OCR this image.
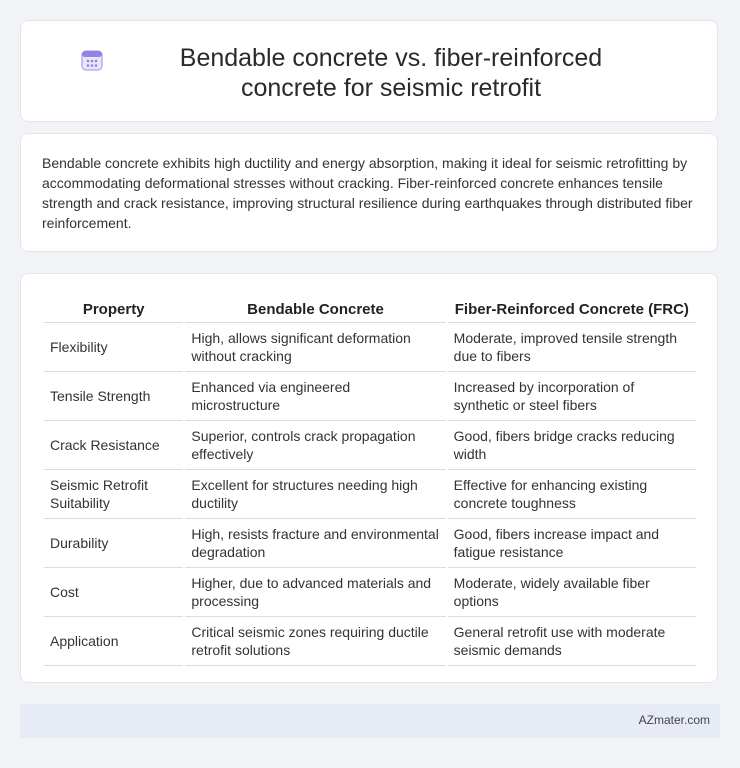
Bendable concrete vs. fiber-reinforced concrete for seismic retrofit
Bendable concrete exhibits high ductility and energy absorption, making it ideal for seismic retrofitting by accommodating deformational stresses without cracking. Fiber-reinforced concrete enhances tensile strength and crack resistance, improving structural resilience during earthquakes through distributed fiber reinforcement.
Property	Bendable Concrete	Fiber-Reinforced Concrete (FRC)
Flexibility	High, allows significant deformation without cracking	Moderate, improved tensile strength due to fibers
Tensile Strength	Enhanced via engineered microstructure	Increased by incorporation of synthetic or steel fibers
Crack Resistance	Superior, controls crack propagation effectively	Good, fibers bridge cracks reducing width
Seismic Retrofit Suitability	Excellent for structures needing high ductility	Effective for enhancing existing concrete toughness
Durability	High, resists fracture and environmental degradation	Good, fibers increase impact and fatigue resistance
Cost	Higher, due to advanced materials and processing	Moderate, widely available fiber options
Application	Critical seismic zones requiring ductile retrofit solutions	General retrofit use with moderate seismic demands
AZmater.com
